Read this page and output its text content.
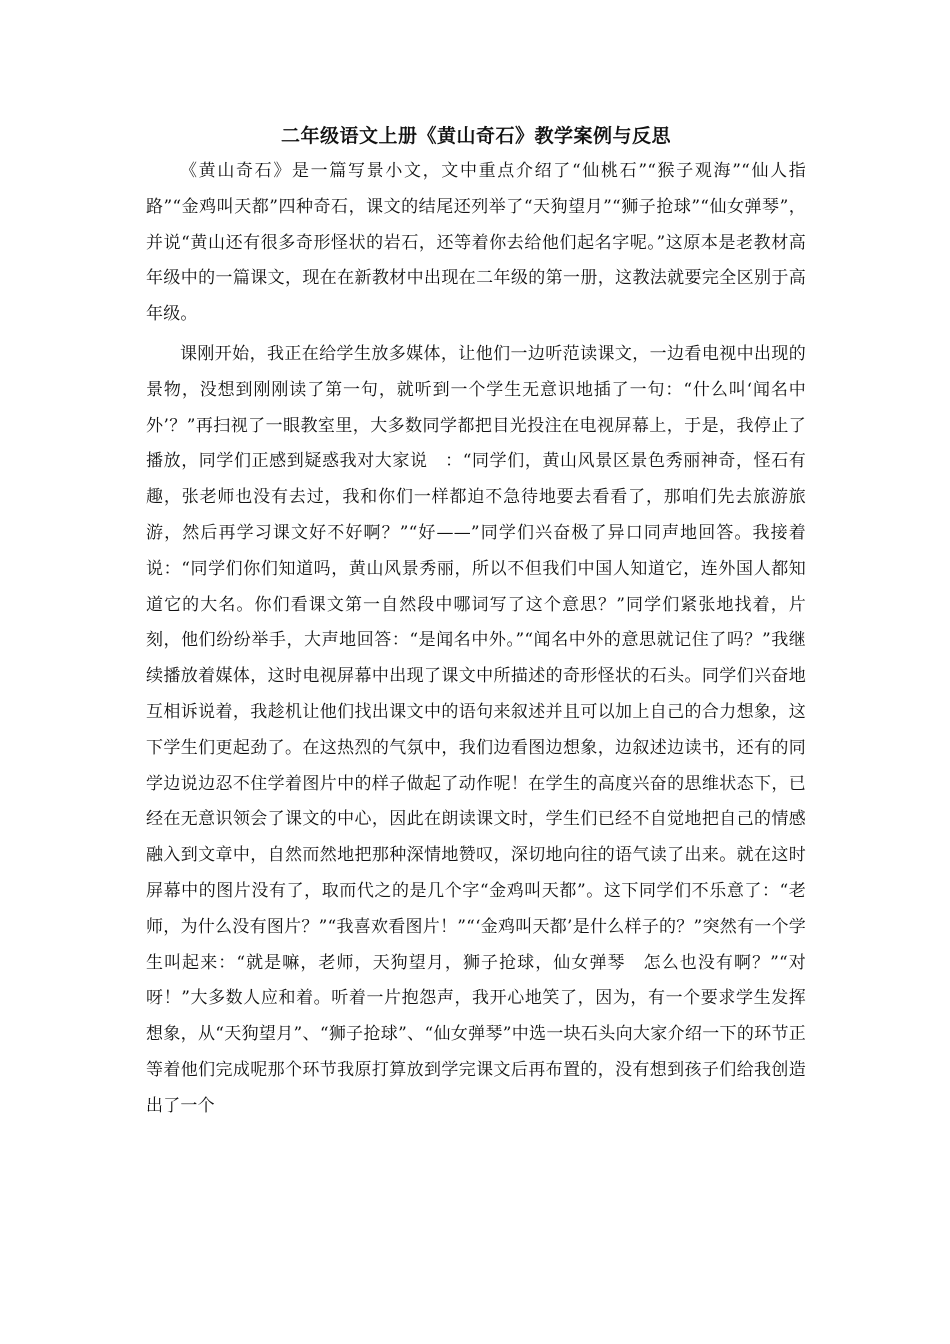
二年级语文上册《黄山奇石》教学案例与反思

《黄山奇石》是一篇写景小文，文中重点介绍了“仙桃石”“猴子观海”“仙人指路”“金鸡叫天都”四种奇石，课文的结尾还列举了“天狗望月”“狮子抢球”“仙女弹琴”，并说“黄山还有很多奇形怪状的岩石，还等着你去给他们起名字呢。”这原本是老教材高年级中的一篇课文，现在在新教材中出现在二年级的第一册，这教法就要完全区别于高年级。

课刚开始，我正在给学生放多媒体，让他们一边听范读课文，一边看电视中出现的景物，没想到刚刚读了第一句，就听到一个学生无意识地插了一句：“什么叫‘闻名中外’？”再扫视了一眼教室里，大多数同学都把目光投注在电视屏幕上，于是，我停止了播放，同学们正感到疑惑我对大家说　：“同学们，黄山风景区景色秀丽神奇，怪石有趣，张老师也没有去过，我和你们一样都迫不急待地要去看看了，那咱们先去旅游旅游，然后再学习课文好不好啊？”“好——”同学们兴奋极了异口同声地回答。我接着说：“同学们你们知道吗，黄山风景秀丽，所以不但我们中国人知道它，连外国人都知道它的大名。你们看课文第一自然段中哪词写了这个意思？”同学们紧张地找着，片刻，他们纷纷举手，大声地回答：“是闻名中外。”“闻名中外的意思就记住了吗？”我继续播放着媒体，这时电视屏幕中出现了课文中所描述的奇形怪状的石头。同学们兴奋地互相诉说着，我趁机让他们找出课文中的语句来叙述并且可以加上自己的合力想象，这下学生们更起劲了。在这热烈的气氛中，我们边看图边想象，边叙述边读书，还有的同学边说边忍不住学着图片中的样子做起了动作呢！在学生的高度兴奋的思维状态下，已经在无意识领会了课文的中心，因此在朗读课文时，学生们已经不自觉地把自己的情感融入到文章中，自然而然地把那种深情地赞叹，深切地向往的语气读了出来。就在这时屏幕中的图片没有了，取而代之的是几个字“金鸡叫天都”。这下同学们不乐意了：“老师，为什么没有图片？”“我喜欢看图片！”“‘金鸡叫天都’是什么样子的？”突然有一个学生叫起来：“就是嘛，老师，天狗望月，狮子抢球，仙女弹琴　怎么也没有啊？”“对呀！”大多数人应和着。听着一片抱怨声，我开心地笑了，因为，有一个要求学生发挥想象，从“天狗望月”、“狮子抢球”、“仙女弹琴”中选一块石头向大家介绍一下的环节正等着他们完成呢那个环节我原打算放到学完课文后再布置的，没有想到孩子们给我创造出了一个
